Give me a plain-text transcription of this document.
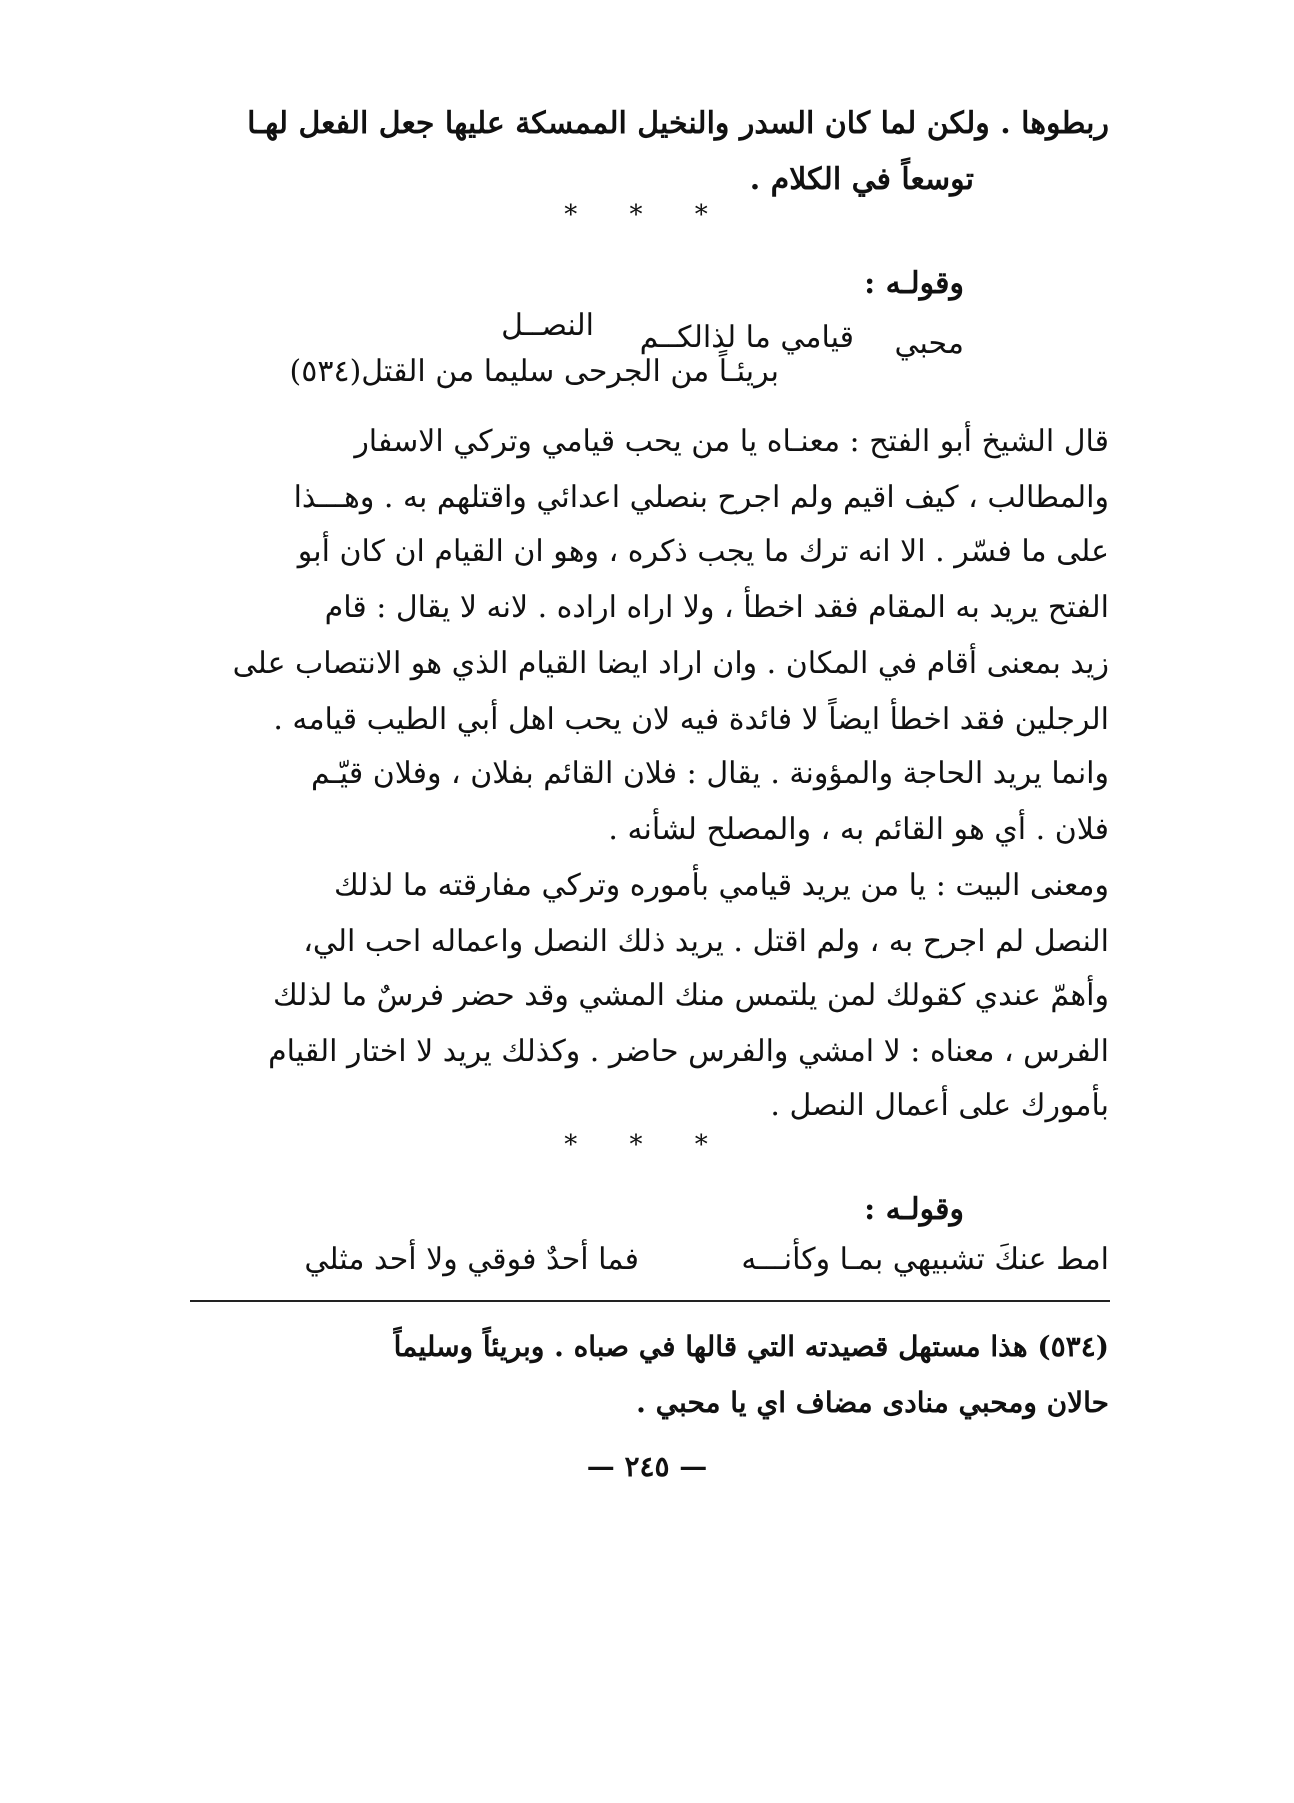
ربطوها . ولكن لما كان السدر والنخيل الممسكة عليها جعل الفعل لهـا
توسعاً في الكلام .
* * *
وقولـه :
محبي
قيامي ما لذالكــم
النصــل
بريئـاً من الجرحى سليما من القتل(٥٣٤)
قال الشيخ أبو الفتح : معنـاه يا من يحب قيامي وتركي الاسفار
والمطالب ، كيف اقيم ولم اجرح بنصلي اعدائي واقتلهم به . وهـــذا
على ما فسّر . الا انه ترك ما يجب ذكره ، وهو ان القيام ان كان أبو
الفتح يريد به المقام فقد اخطأ ، ولا اراه اراده . لانه لا يقال : قام
زيد بمعنى أقام في المكان . وان اراد ايضا القيام الذي هو الانتصاب على
الرجلين فقد اخطأ ايضاً لا فائدة فيه لان يحب اهل أبي الطيب قيامه .
وانما يريد الحاجة والمؤونة . يقال : فلان القائم بفلان ، وفلان قيّـم
فلان . أي هو القائم به ، والمصلح لشأنه .
ومعنى البيت : يا من يريد قيامي بأموره وتركي مفارقته ما لذلك
النصل لم اجرح به ، ولم اقتل . يريد ذلك النصل واعماله احب الي،
وأهمّ عندي كقولك لمن يلتمس منك المشي وقد حضر فرسٌ ما لذلك
الفرس ، معناه : لا امشي والفرس حاضر . وكذلك يريد لا اختار القيام
بأمورك على أعمال النصل .
* * *
وقولـه :
امط عنكَ تشبيهي بمـا وكأنـــه
فما أحدٌ فوقي ولا أحد مثلي
(٥٣٤) هذا مستهل قصيدته التي قالها في صباه . وبريئاً وسليماً
حالان ومحبي منادى مضاف اي يا محبي .
— ٢٤٥ —
